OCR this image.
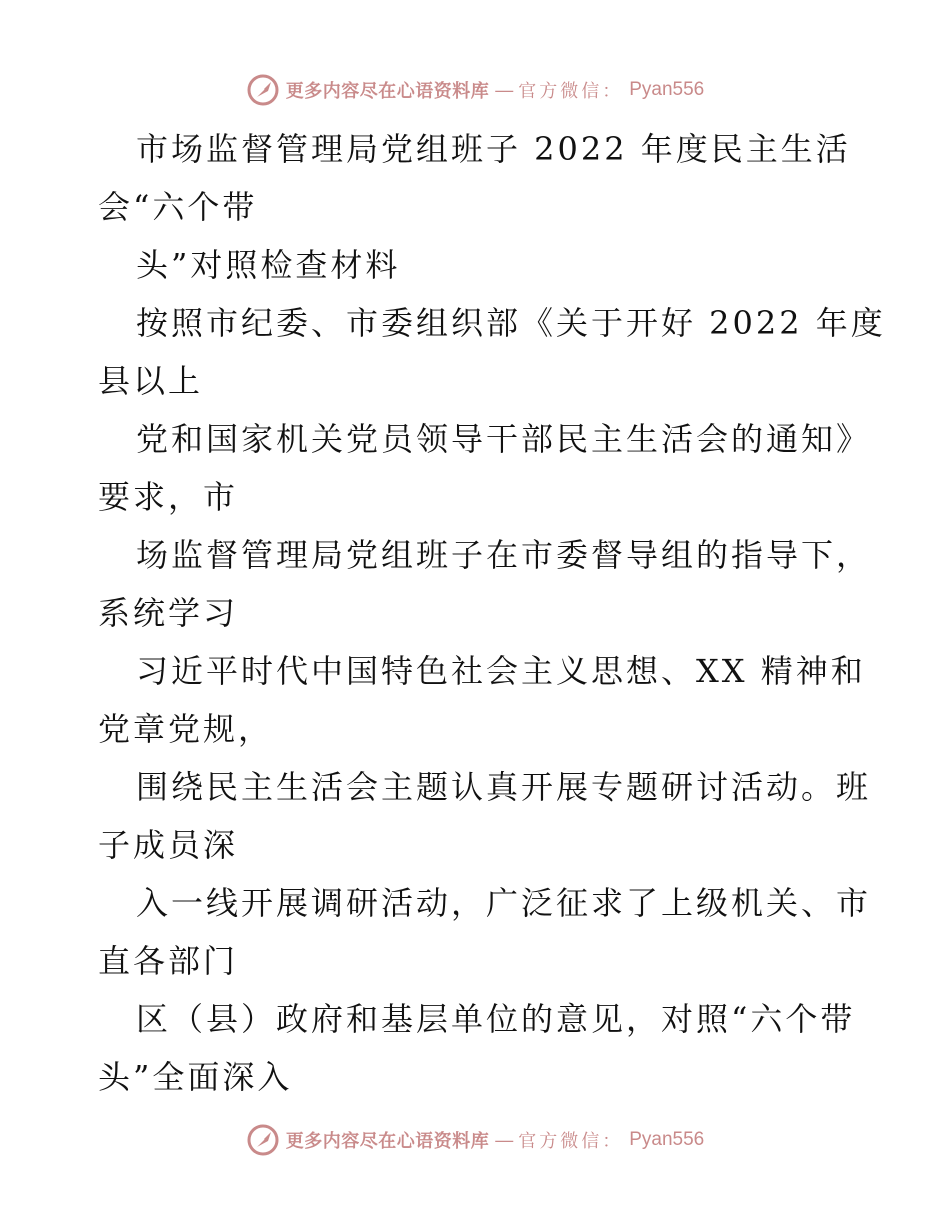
更多内容尽在心语资料库 — 官方微信： Pyan556
市场监督管理局党组班子 2022 年度民主生活
会“六个带
头”对照检查材料
按照市纪委、市委组织部《关于开好 2022 年度
县以上
党和国家机关党员领导干部民主生活会的通知》
要求，市
场监督管理局党组班子在市委督导组的指导下，
系统学习
习近平时代中国特色社会主义思想、XX 精神和
党章党规，
围绕民主生活会主题认真开展专题研讨活动。班
子成员深
入一线开展调研活动，广泛征求了上级机关、市
直各部门
区（县）政府和基层单位的意见，对照“六个带
头”全面深入
更多内容尽在心语资料库 — 官方微信： Pyan556
